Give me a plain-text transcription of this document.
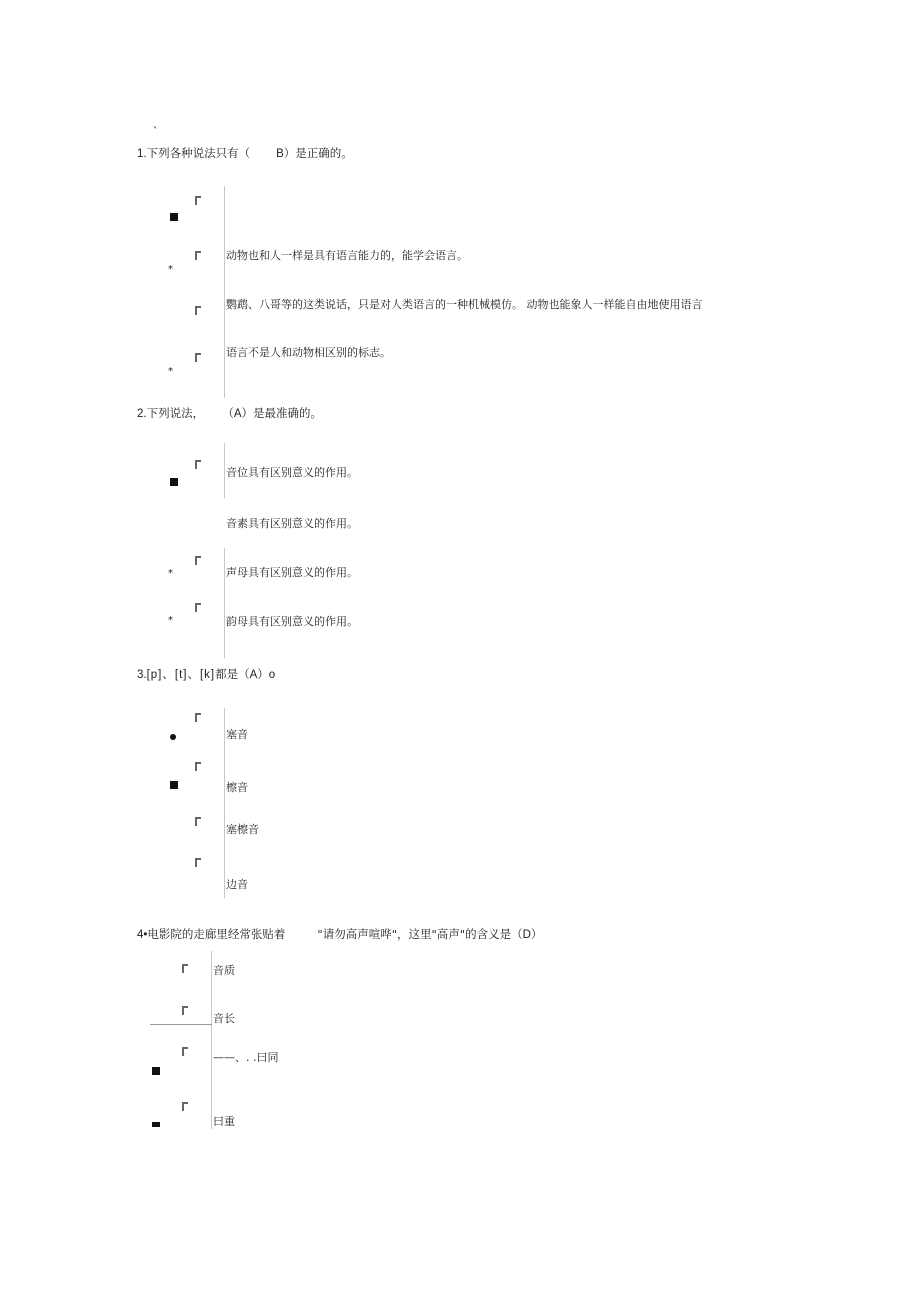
、
1.下列各种说法只有（ B）是正确的。
*
动物也和人一样是具有语言能力的，能学会语言。
鹦鹉、八哥等的这类说话，只是对人类语言的一种机械模仿。 动物也能象人一样能自由地使用语言
*
语言不是人和动物相区别的标志。
2.下列说法， （A）是最准确的。
音位具有区别意义的作用。
音素具有区别意义的作用。
*	声母具有区别意义的作用。
*	韵母具有区别意义的作用。
3.[p]、[t]、[k]都是（A）o
塞音
檫音
塞檫音
边音
4•电影院的走廊里经常张贴着	"请勿高声喧哗"，这里"高声"的含义是（D）
音质
音长
——、. .曰同
曰重
